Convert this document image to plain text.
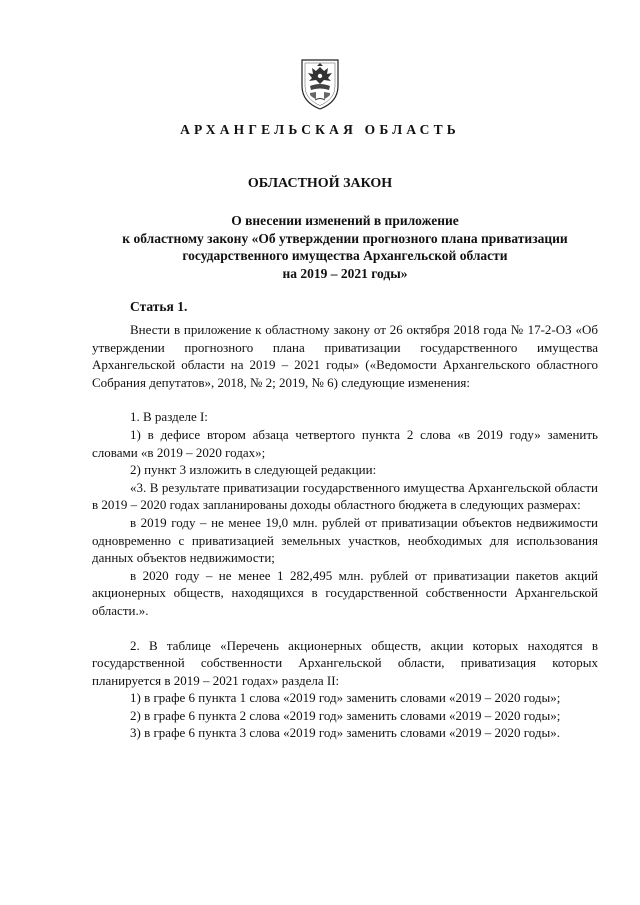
АРХАНГЕЛЬСКАЯ ОБЛАСТЬ
ОБЛАСТНОЙ ЗАКОН
О внесении изменений в приложение
к областному закону «Об утверждении прогнозного плана приватизации
государственного имущества Архангельской области
на 2019 – 2021 годы»
Статья 1.

Внести в приложение к областному закону от 26 октября 2018 года № 17-2-ОЗ «Об утверждении прогнозного плана приватизации государственного имущества Архангельской области на 2019 – 2021 годы» («Ведомости Архангельского областного Собрания депутатов», 2018, № 2; 2019, № 6) следующие изменения:

1. В разделе I:

1) в дефисе втором абзаца четвертого пункта 2 слова «в 2019 году» заменить словами «в 2019 – 2020 годах»;

2) пункт 3 изложить в следующей редакции:

«3. В результате приватизации государственного имущества Архангельской области в 2019 – 2020 годах запланированы доходы областного бюджета в следующих размерах:

в 2019 году – не менее 19,0 млн. рублей от приватизации объектов недвижимости одновременно с приватизацией земельных участков, необходимых для использования данных объектов недвижимости;

в 2020 году – не менее 1 282,495 млн. рублей от приватизации пакетов акций акционерных обществ, находящихся в государственной собственности Архангельской области.».

2. В таблице «Перечень акционерных обществ, акции которых находятся в государственной собственности Архангельской области, приватизация которых планируется в 2019 – 2021 годах» раздела II:

1) в графе 6 пункта 1 слова «2019 год» заменить словами «2019 – 2020 годы»;

2) в графе 6 пункта 2 слова «2019 год» заменить словами «2019 – 2020 годы»;

3) в графе 6 пункта 3 слова «2019 год» заменить словами «2019 – 2020 годы».
